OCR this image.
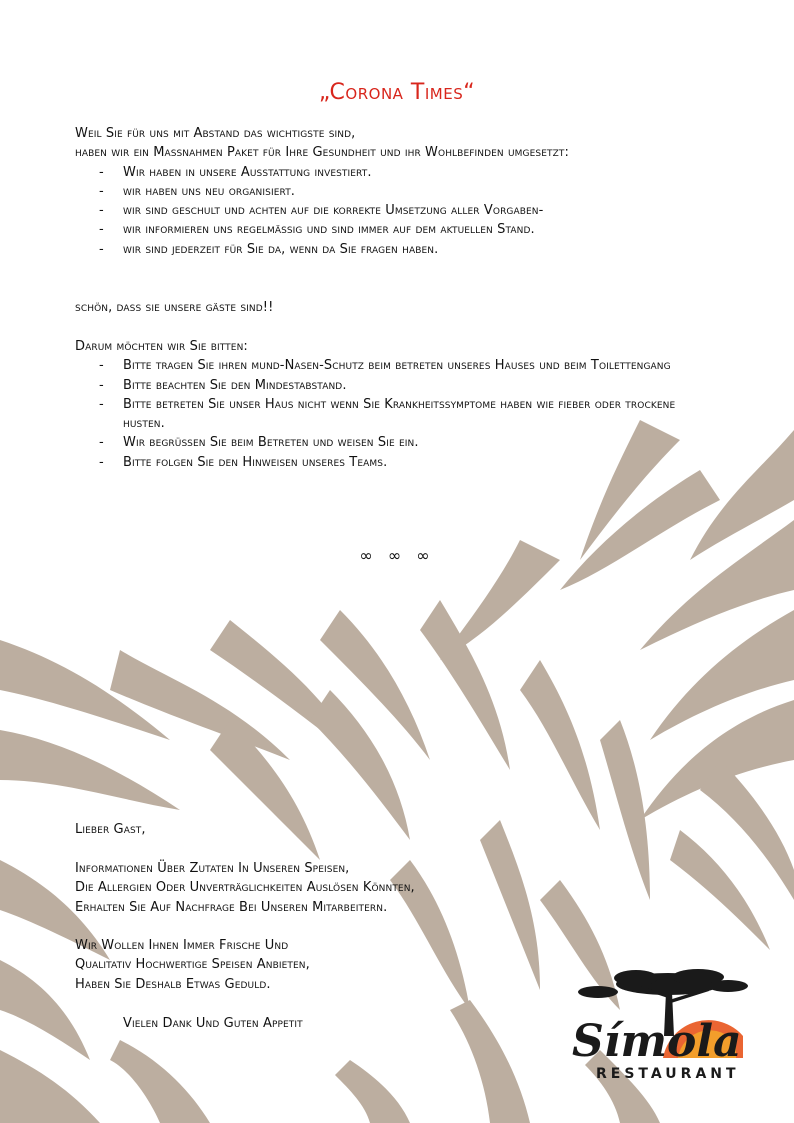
„Corona Times“

Weil Sie für uns mit Abstand das wichtigste sind,

haben wir ein Maßnahmen Paket für Ihre Gesundheit und ihr Wohlbefinden umgesetzt:

- Wir haben in unsere Ausstattung investiert.
- wir haben uns neu organisiert.
- wir sind geschult und achten auf die korrekte Umsetzung aller Vorgaben-
- wir informieren uns regelmäßig und sind immer auf dem aktuellen Stand.
- wir sind jederzeit für Sie da, wenn da Sie fragen haben.
schön, dass sie unsere gäste sind!!

Darum möchten wir Sie bitten:

- Bitte tragen Sie ihren mund-Nasen-Schutz beim betreten unseres Hauses und beim Toilettengang
- Bitte beachten Sie den Mindestabstand.
- Bitte betreten Sie unser Haus nicht wenn Sie Krankheitssymptome haben wie fieber oder trockene husten.
- Wir begrüßen Sie beim Betreten und weisen Sie ein.
- Bitte folgen Sie den Hinweisen unseres Teams.
∞ ∞ ∞
Lieber Gast,

Informationen Über Zutaten In Unseren Speisen,

Die Allergien Oder Unverträglichkeiten Auslösen Könnten,

Erhalten Sie Auf Nachfrage Bei Unseren Mitarbeitern.

Wir Wollen Ihnen Immer Frische Und

Qualitativ Hochwertige Speisen Anbieten,

Haben Sie Deshalb Etwas Geduld.

Vielen Dank Und Guten Appetit	Símola
RESTAURANT
